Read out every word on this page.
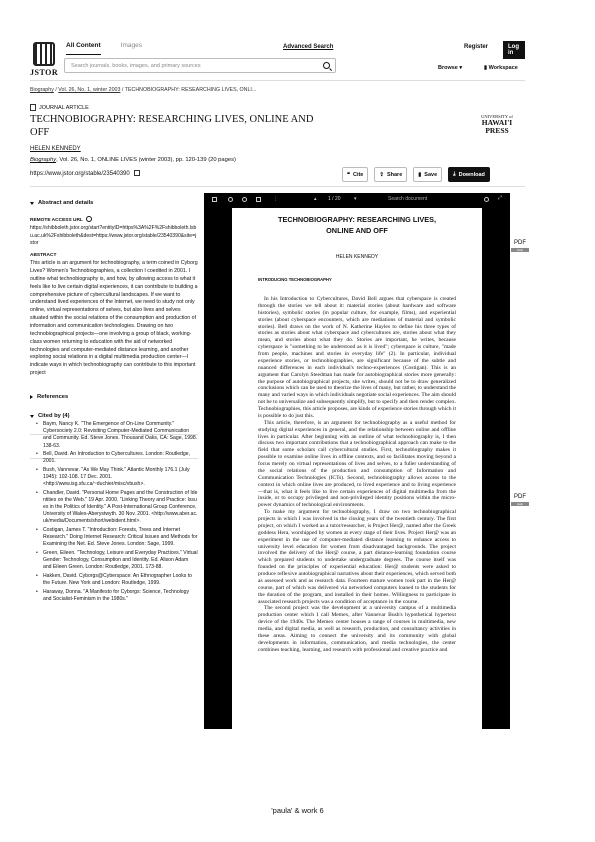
JSTOR
All Content	Images
Search journals, books, images, and primary sources
Advanced Search	Register	Log in
Browse ▾	▮ Workspace
Biography / Vol. 26, No. 1, winter 2003 / TECHNOBIOGRAPHY: RESEARCHING LIVES, ONLI...
JOURNAL ARTICLE
TECHNOBIOGRAPHY: RESEARCHING LIVES, ONLINE AND OFF
HELEN KENNEDY
Biography, Vol. 26, No. 1, ONLINE LIVES (winter 2003), pp. 120-139 (20 pages)
https://www.jstor.org/stable/23540390
UNIVERSITY of
HAWAI'I
PRESS
❝ Cite	⇪ Share	▮ Save	⤓ Download
Abstract and details
REMOTE ACCESS URL
https://shibboleth.jstor.org/start?entityID=https%3A%2F%2Fshibboleth.lsbu.ac.uk%2Fshibboleth&dest=https://www.jstor.org/stable/23540390&site=jstor
ABSTRACT
This article is an argument for technobiography, a term coined in Cyborg Lives? Women's Technobiographies, a collection I coedited in 2001. I outline what technobiography is, and how, by allowing access to what it feels like to live certain digital experiences, it can contribute to building a comprehensive picture of cybercultural landscapes. If we want to understand lived experiences of the Internet, we need to study not only online, virtual representations of selves, but also lives and selves situated within the social relations of the consumption and production of information and communication technologies. Drawing on two technobiographical projects—one involving a group of black, working-class women returning to education with the aid of networked technologies and computer-mediated distance learning, and another exploring social relations in a digital multimedia production center—I indicate ways in which technobiography can contribute to this important project
References
Cited by (4)
• Baym, Nancy K. "The Emergence of On-Line Community." Cybersociety 2.0: Revisiting Computer-Mediated Communication and Community. Ed. Steve Jones. Thousand Oaks, CA: Sage, 1998. 138-63.
• Bell, David. An Introduction to Cybercultures. London: Routledge, 2001.
• Bush, Vannevar. "As We May Think." Atlantic Monthly 176.1 (July 1945): 102-108. 17 Dec. 2001. <http://www.isg.sfu.ca/~duchier/misc/vbush>.
• Chandler, David. "Personal Home Pages and the Construction of Identities on the Web." 19 Apr. 2000. "Linking Theory and Practice: Issues in the Politics of Identity." A Post-International Group Conference, University of Wales-Aberystwyth. 30 Nov. 2001. <http://www.aber.ac.uk/media/Documents/short/webident.html>.
• Costigan, James T. "Introduction: Forests, Trees and Internet Research." Doing Internet Research: Critical Issues and Methods for Examining the Net. Ed. Steve Jones. London: Sage, 1999.
• Green, Eileen. "Technology, Leisure and Everyday Practices." Virtual Gender: Technology, Consumption and Identity. Ed. Alison Adam and Eileen Green. London: Routledge, 2001. 173-88.
• Hakken, David. Cyborgs@Cyberspace: An Ethnographer Looks to the Future. New York and London: Routledge, 1999.
• Haraway, Donna. "A Manifesto for Cyborgs: Science, Technology and Socialist-Feminism in the 1980s."
⋮	▴ 1 / 20	▾	Search document	⤢
TECHNOBIOGRAPHY: RESEARCHING LIVES,
ONLINE AND OFF
HELEN KENNEDY
INTRODUCING TECHNOBIOGRAPHY

In his Introduction to Cybercultures, David Bell argues that cyberspace is created through the stories we tell about it: material stories (about hardware and software histories), symbolic stories (in popular culture, for example, films), and experiential stories (about cyberspace encounters, which are mediations of material and symbolic stories). Bell draws on the work of N. Katherine Hayles to define his three types of stories as stories about what cyberspace and cybercultures are, stories about what they mean, and stories about what they do. Stories are important, he writes, because cyberspace is "something to be understood as it is lived"; cyberspace is culture, "made from people, machines and stories in everyday life" (2). In particular, individual experience stories, or technobiographies, are significant because of the subtle and nuanced differences in each individual's techno-experiences (Costigan). This is an argument that Carolyn Steedman has made for autobiographical stories more generally: the purpose of autobiographical projects, she writes, should not be to draw generalized conclusions which can be used to theorize the lives of many, but rather, to understand the many and varied ways in which individuals negotiate social experiences. The aim should not be to universalize and subsequently simplify, but to specify and then render complex. Technobiographies, this article proposes, are kinds of experience stories through which it is possible to do just this.

This article, therefore, is an argument for technobiography as a useful method for studying digital experiences in general, and the relationship between online and offline lives in particular. After beginning with an outline of what technobiography is, I then discuss two important contributions that a technobiographical approach can make to the field that some scholars call cybercultural studies. First, technobiography makes it possible to examine online lives in offline contexts, and so facilitates moving beyond a focus merely on virtual representations of lives and selves, to a fuller understanding of the social relations of the production and consumption of Information and Communication Technologies (ICTs). Second, technobiography allows access to the context in which online lives are produced, to lived experience and to living experience—that is, what it feels like to live certain experiences of digital multimedia from the inside, or to occupy privileged and non-privileged identity positions within the micro-power dynamics of technological environments.

To make my argument for technobiography, I draw on two technobiographical projects in which I was involved in the closing years of the twentieth century. The first project, on which I worked as a tutor/researcher, is Project Her@, named after the Greek goddess Hera, worshipped by women at every stage of their lives. Project Her@ was an experiment in the use of computer-mediated distance learning to enhance access to university level education for women from disadvantaged backgrounds. The project involved the delivery of the Her@ course, a part distance-learning foundation course which prepared students to undertake undergraduate degrees. The course itself was founded on the principles of experiential education: Her@ students were asked to produce reflexive autobiographical narratives about their experiences, which served both as assessed work and as research data. Fourteen mature women took part in the Her@ course, part of which was delivered via networked computers loaned to the students for the duration of the program, and installed in their homes. Willingness to participate in associated research projects was a condition of acceptance in the course.

The second project was the development at a university campus of a multimedia production center which I call Memex, after Vannevar Bush's hypothetical hypertext device of the 1940s. The Memex center houses a range of courses in multimedia, new media, and digital media, as well as research, production, and consultancy activities in these areas. Aiming to connect the university and its community with global developments in information, communication, and media technologies, the center combines teaching, learning, and research with professional and creative practice and

PDF
Help
PDF
Help
'paula' & work 6
